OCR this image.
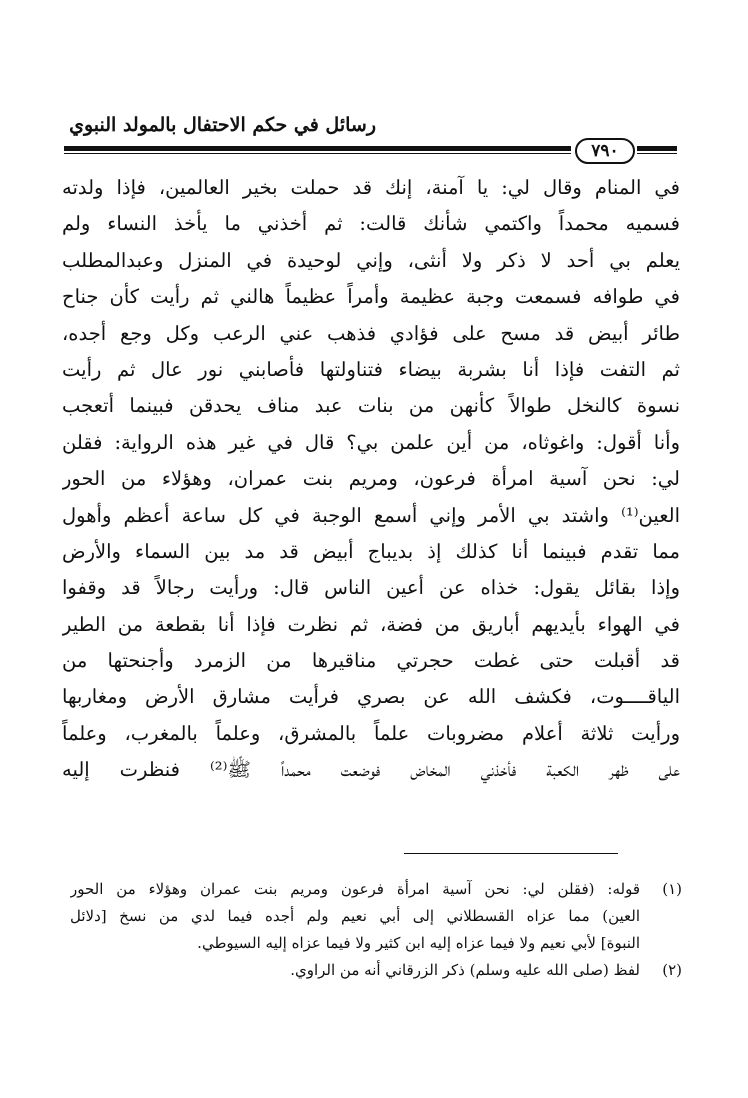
رسائل في حكم الاحتفال بالمولد النبوي
٧٩٠
في المنام وقال لي: يا آمنة، إنك قد حملت بخير العالمين، فإذا ولدته
فسميه محمداً واكتمي شأنك قالت: ثم أخذني ما يأخذ النساء ولم
يعلم بي أحد لا ذكر ولا أنثى، وإني لوحيدة في المنزل وعبدالمطلب
في طوافه فسمعت وجبة عظيمة وأمراً عظيماً هالني ثم رأيت كأن جناح
طائر أبيض قد مسح على فؤادي فذهب عني الرعب وكل وجع أجده،
ثم التفت فإذا أنا بشربة بيضاء فتناولتها فأصابني نور عال ثم رأيت
نسوة كالنخل طوالاً كأنهن من بنات عبد مناف يحدقن فبينما أتعجب
وأنا أقول: واغوثاه، من أين علمن بي؟ قال في غير هذه الرواية: فقلن
لي: نحن آسية امرأة فرعون، ومريم بنت عمران، وهؤلاء من الحور
العين⁽¹⁾ واشتد بي الأمر وإني أسمع الوجبة في كل ساعة أعظم وأهول
مما تقدم فبينما أنا كذلك إذ بديباج أبيض قد مد بين السماء والأرض
وإذا بقائل يقول: خذاه عن أعين الناس قال: ورأيت رجالاً قد وقفوا
في الهواء بأيديهم أباريق من فضة، ثم نظرت فإذا أنا بقطعة من الطير
قد أقبلت حتى غطت حجرتي مناقيرها من الزمرد وأجنحتها من
الياقــــوت، فكشف الله عن بصري فرأيت مشارق الأرض ومغاربها
ورأيت ثلاثة أعلام مضروبات علماً بالمشرق، وعلماً بالمغرب، وعلماً
على ظهر الكعبة فأخذني المخاض فوضعت محمداً ﷺ⁽²⁾ فنظرت إليه
(١)
قوله: (فقلن لي: نحن آسية امرأة فرعون ومريم بنت عمران وهؤلاء من الحور
العين) مما عزاه القسطلاني إلى أبي نعيم ولم أجده فيما لدي من نسخ [دلائل
النبوة] لأبي نعيم ولا فيما عزاه إليه ابن كثير ولا فيما عزاه إليه السيوطي.
(٢)
لفظ (صلى الله عليه وسلم) ذكر الزرقاني أنه من الراوي.
